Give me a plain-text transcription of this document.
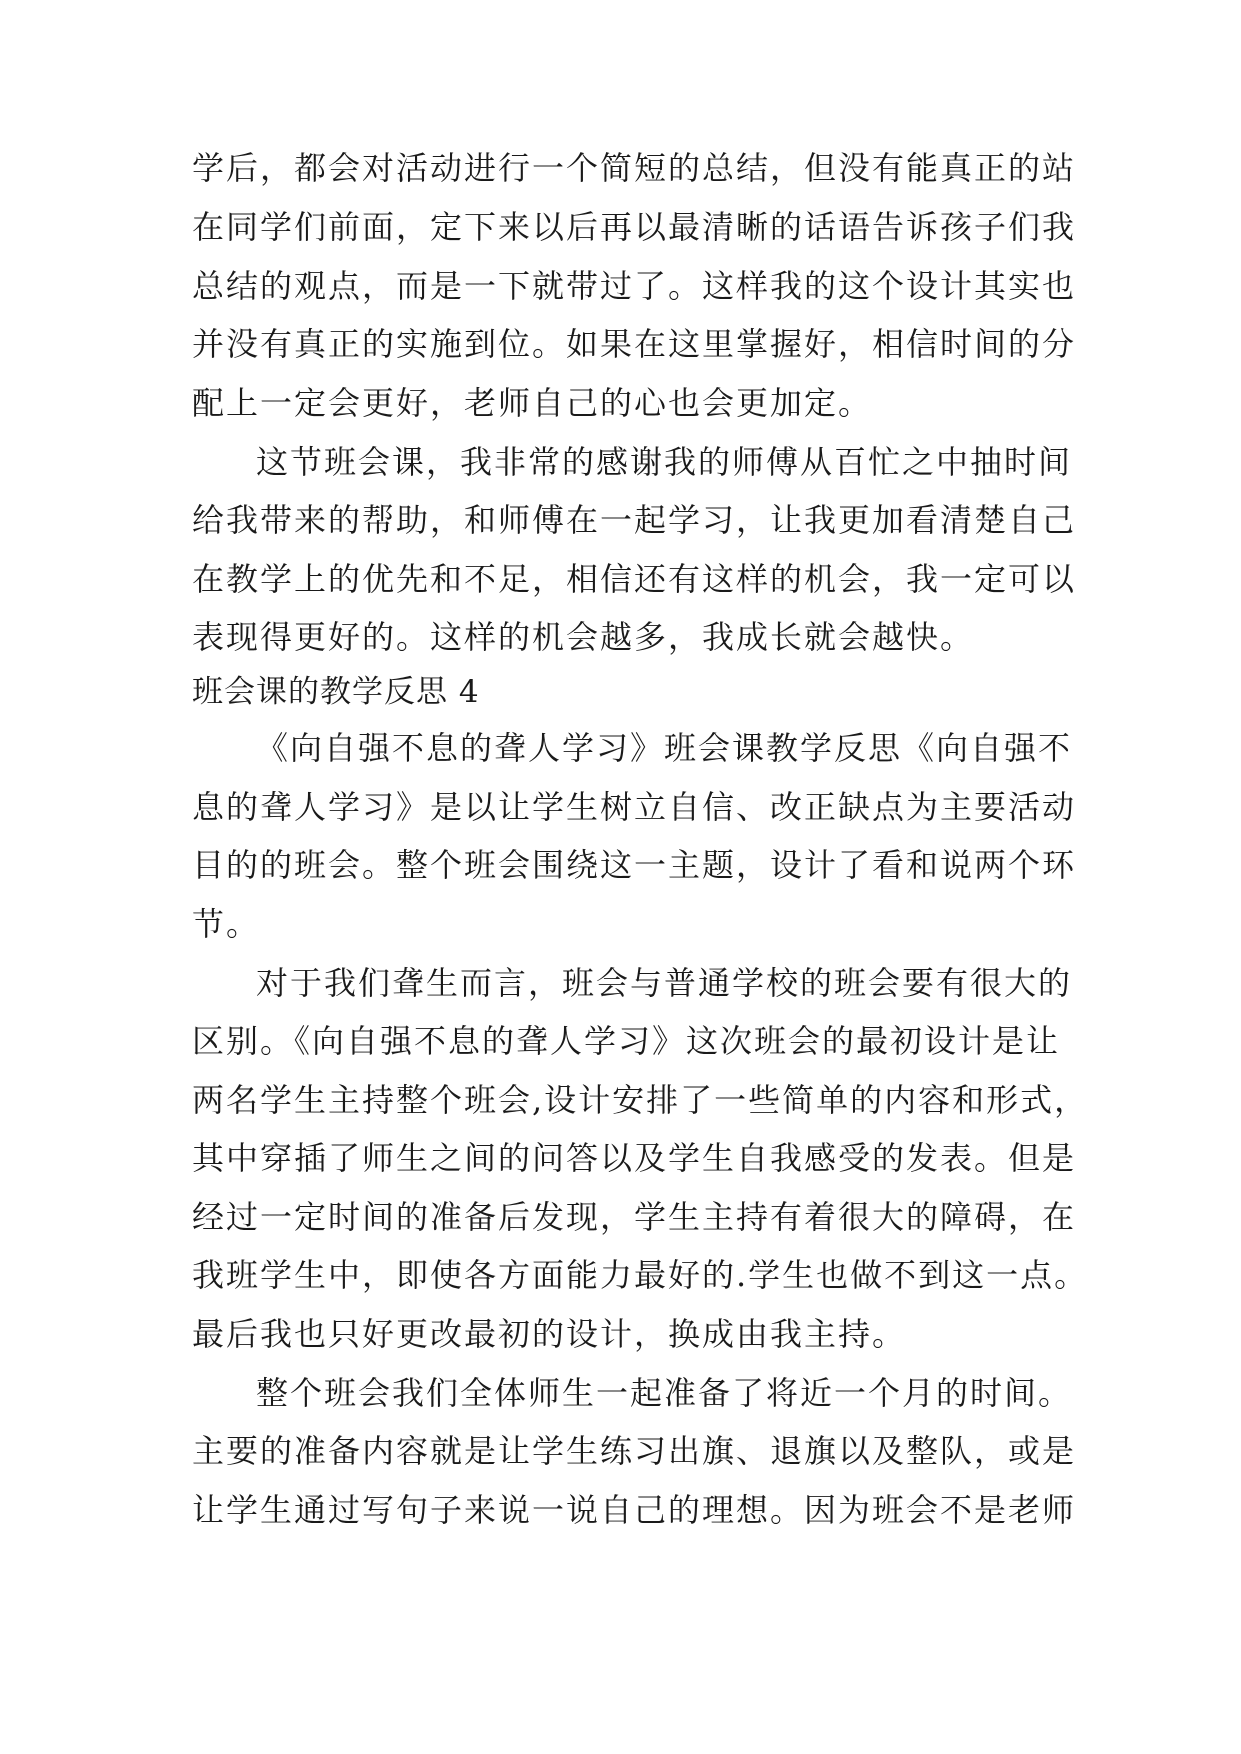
学后，都会对活动进行一个简短的总结，但没有能真正的站
在同学们前面，定下来以后再以最清晰的话语告诉孩子们我
总结的观点，而是一下就带过了。这样我的这个设计其实也
并没有真正的实施到位。如果在这里掌握好，相信时间的分
配上一定会更好，老师自己的心也会更加定。
这节班会课，我非常的感谢我的师傅从百忙之中抽时间
给我带来的帮助，和师傅在一起学习，让我更加看清楚自己
在教学上的优先和不足，相信还有这样的机会，我一定可以
表现得更好的。这样的机会越多，我成长就会越快。
班会课的教学反思 4
《向自强不息的聋人学习》班会课教学反思《向自强不
息的聋人学习》是以让学生树立自信、改正缺点为主要活动
目的的班会。整个班会围绕这一主题，设计了看和说两个环
节。
对于我们聋生而言，班会与普通学校的班会要有很大的
区别。《向自强不息的聋人学习》这次班会的最初设计是让
两名学生主持整个班会,设计安排了一些简单的内容和形式，
其中穿插了师生之间的问答以及学生自我感受的发表。但是
经过一定时间的准备后发现，学生主持有着很大的障碍，在
我班学生中，即使各方面能力最好的.学生也做不到这一点。
最后我也只好更改最初的设计，换成由我主持。
整个班会我们全体师生一起准备了将近一个月的时间。
主要的准备内容就是让学生练习出旗、退旗以及整队，或是
让学生通过写句子来说一说自己的理想。因为班会不是老师
